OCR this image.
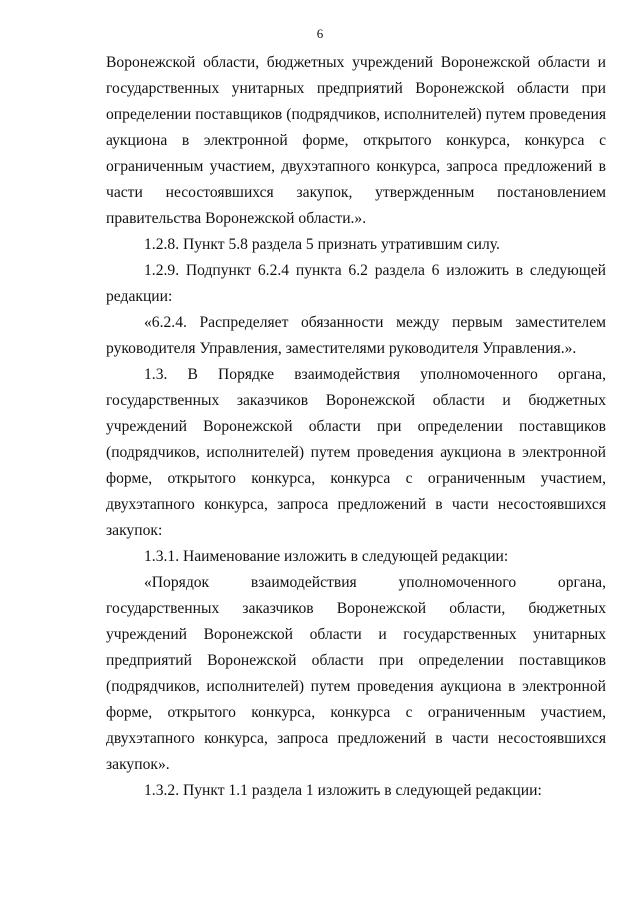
6

Воронежской области, бюджетных учреждений Воронежской области и государственных унитарных предприятий Воронежской области при определении поставщиков (подрядчиков, исполнителей) путем проведения аукциона в электронной форме, открытого конкурса, конкурса с ограниченным участием, двухэтапного конкурса, запроса предложений в части несостоявшихся закупок, утвержденным постановлением правительства Воронежской области.».

1.2.8. Пункт 5.8 раздела 5 признать утратившим силу.

1.2.9. Подпункт 6.2.4 пункта 6.2 раздела 6 изложить в следующей редакции:

«6.2.4. Распределяет обязанности между первым заместителем руководителя Управления, заместителями руководителя Управления.».

1.3. В Порядке взаимодействия уполномоченного органа, государственных заказчиков Воронежской области и бюджетных учреждений Воронежской области при определении поставщиков (подрядчиков, исполнителей) путем проведения аукциона в электронной форме, открытого конкурса, конкурса с ограниченным участием, двухэтапного конкурса, запроса предложений в части несостоявшихся закупок:

1.3.1. Наименование изложить в следующей редакции:

«Порядок взаимодействия уполномоченного органа, государственных заказчиков Воронежской области, бюджетных учреждений Воронежской области и государственных унитарных предприятий Воронежской области при определении поставщиков (подрядчиков, исполнителей) путем проведения аукциона в электронной форме, открытого конкурса, конкурса с ограниченным участием, двухэтапного конкурса, запроса предложений в части несостоявшихся закупок».

1.3.2. Пункт 1.1 раздела 1 изложить в следующей редакции:
